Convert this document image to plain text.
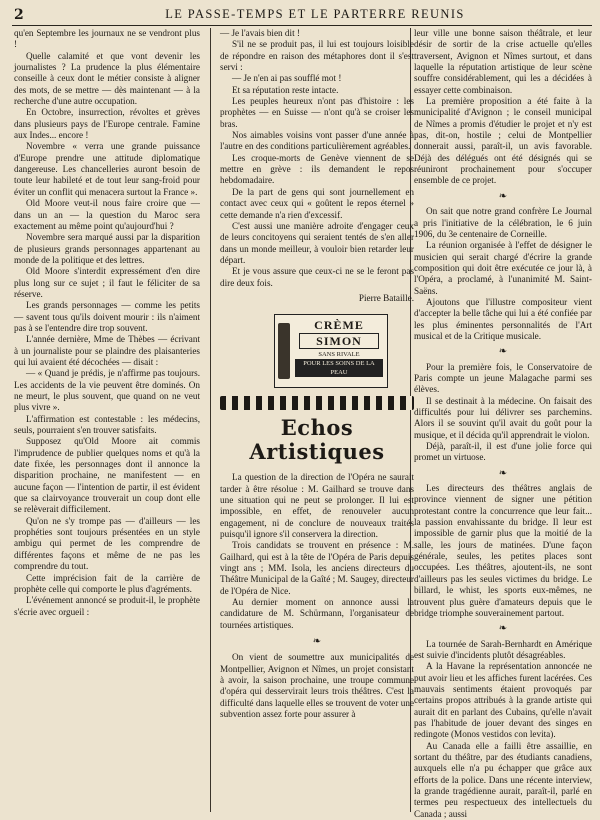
2	LE PASSE-TEMPS ET LE PARTERRE REUNIS

qu'en Septembre les journaux ne se vendront plus !

Quelle calamité et que vont devenir les journalistes ? La prudence la plus élémentaire conseille à ceux dont le métier consiste à aligner des mots, de se mettre — dès maintenant — à la recherche d'une autre occupation.

En Octobre, insurrection, révoltes et grèves dans plusieurs pays de l'Europe centrale. Famine aux Indes... encore !

Novembre « verra une grande puissance d'Europe prendre une attitude diplomatique dangereuse. Les chancelleries auront besoin de toute leur habileté et de tout leur sang-froid pour éviter un conflit qui menacera surtout la France ».

Old Moore veut-il nous faire croire que — dans un an — la question du Maroc sera exactement au même point qu'aujourd'hui ?

Novembre sera marqué aussi par la disparition de plusieurs grands personnages appartenant au monde de la politique et des lettres.

Old Moore s'interdit expressément d'en dire plus long sur ce sujet ; il faut le féliciter de sa réserve.

Les grands personnages — comme les petits — savent tous qu'ils doivent mourir : ils n'aiment pas à se l'entendre dire trop souvent.

L'année dernière, Mme de Thèbes — écrivant à un journaliste pour se plaindre des plaisanteries qui lui avaient été décochées — disait :

— « Quand je prédis, je n'affirme pas toujours. Les accidents de la vie peuvent être dominés. On ne meurt, le plus souvent, que quand on ne veut plus vivre ».

L'affirmation est contestable : les médecins, seuls, pourraient s'en trouver satisfaits.

Supposez qu'Old Moore ait commis l'imprudence de publier quelques noms et qu'à la date fixée, les personnages dont il annonce la disparition prochaine, ne manifestent — en aucune façon — l'intention de partir, il est évident que sa clairvoyance trouverait un coup dont elle se relèverait difficilement.

Qu'on ne s'y trompe pas — d'ailleurs — les prophéties sont toujours présentées en un style ambigu qui permet de les comprendre de différentes façons et même de ne pas les comprendre du tout.

Cette imprécision fait de la carrière de prophète celle qui comporte le plus d'agréments.

L'événement annoncé se produit-il, le prophète s'écrie avec orgueil :

— Je l'avais bien dit !

S'il ne se produit pas, il lui est toujours loisible de répondre en raison des métaphores dont il s'est servi :

— Je n'en ai pas soufflé mot !

Et sa réputation reste intacte.

Les peuples heureux n'ont pas d'histoire : les prophètes — en Suisse — n'ont qu'à se croiser les bras.

Nos aimables voisins vont passer d'une année à l'autre en des conditions particulièrement agréables.

Les croque-morts de Genève viennent de se mettre en grève : ils demandent le repos hebdomadaire.

De la part de gens qui sont journellement en contact avec ceux qui « goûtent le repos éternel » cette demande n'a rien d'excessif.

C'est aussi une manière adroite d'engager ceux de leurs concitoyens qui seraient tentés de s'en aller dans un monde meilleur, à vouloir bien retarder leur départ.

Et je vous assure que ceux-ci ne se le feront pas dire deux fois.

Pierre Bataille.

CRÈME
SIMON
SANS RIVALE
POUR LES SOINS DE LA PEAU
Echos Artistiques

La question de la direction de l'Opéra ne saurait tarder à être résolue : M. Gailhard se trouve dans une situation qui ne peut se prolonger. Il lui est impossible, en effet, de renouveler aucun engagement, ni de conclure de nouveaux traités puisqu'il ignore s'il conservera la direction.

Trois candidats se trouvent en présence : M. Gailhard, qui est à la tête de l'Opéra de Paris depuis vingt ans ; MM. Isola, les anciens directeurs du Théâtre Municipal de la Gaîté ; M. Saugey, directeur de l'Opéra de Nice.

Au dernier moment on annonce aussi la candidature de M. Schürmann, l'organisateur de tournées artistiques.

❧

On vient de soumettre aux municipalités de Montpellier, Avignon et Nîmes, un projet consistant à avoir, la saison prochaine, une troupe commune d'opéra qui desservirait leurs trois théâtres. C'est la difficulté dans laquelle elles se trouvent de voter une subvention assez forte pour assurer à

leur ville une bonne saison théâtrale, et leur désir de sortir de la crise actuelle qu'elles traversent, Avignon et Nîmes surtout, et dans laquelle la réputation artistique de leur scène souffre considérablement, qui les a décidées à essayer cette combinaison.

La première proposition a été faite à la municipalité d'Avignon ; le conseil municipal de Nîmes a promis d'étudier le projet et n'y est pas, dit-on, hostile ; celui de Montpellier donnerait aussi, paraît-il, un avis favorable. Déjà des délégués ont été désignés qui se réuniront prochainement pour s'occuper ensemble de ce projet.

❧

On sait que notre grand confrère Le Journal a pris l'initiative de la célébration, le 6 juin 1906, du 3e centenaire de Corneille.

La réunion organisée à l'effet de désigner le musicien qui serait chargé d'écrire la grande composition qui doit être exécutée ce jour là, à l'Opéra, a proclamé, à l'unanimité M. Saint-Saëns.

Ajoutons que l'illustre compositeur vient d'accepter la belle tâche qui lui a été confiée par les plus éminentes personnalités de l'Art musical et de la Critique musicale.

❧

Pour la première fois, le Conservatoire de Paris compte un jeune Malagache parmi ses élèves.

Il se destinait à la médecine. On faisait des difficultés pour lui délivrer ses parchemins. Alors il se souvint qu'il avait du goût pour la musique, et il décida qu'il apprendrait le violon.

Déjà, paraît-il, il est d'une jolie force qui promet un virtuose.

❧

Les directeurs des théâtres anglais de province viennent de signer une pétition protestant contre la concurrence que leur fait... la passion envahissante du bridge. Il leur est impossible de garnir plus que la moitié de la salle, les jours de matinées. D'une façon générale, seules, les petites places sont occupées. Les théâtres, ajoutent-ils, ne sont d'ailleurs pas les seules victimes du bridge. Le billard, le whist, les sports eux-mêmes, ne trouvent plus guère d'amateurs depuis que le bridge triomphe souverainement partout.

❧

La tournée de Sarah-Bernhardt en Amérique est suivie d'incidents plutôt désagréables.

A la Havane la représentation annoncée ne put avoir lieu et les affiches furent lacérées. Ces mauvais sentiments étaient provoqués par certains propos attribués à la grande artiste qui aurait dit en parlant des Cubains, qu'elle n'avait pas l'habitude de jouer devant des singes en redingote (Monos vestidos con levita).

Au Canada elle a failli être assaillie, en sortant du théâtre, par des étudiants canadiens, auxquels elle n'a pu échapper que grâce aux efforts de la police. Dans une récente interview, la grande tragédienne aurait, paraît-il, parlé en termes peu respectueux des intellectuels du Canada ; aussi
